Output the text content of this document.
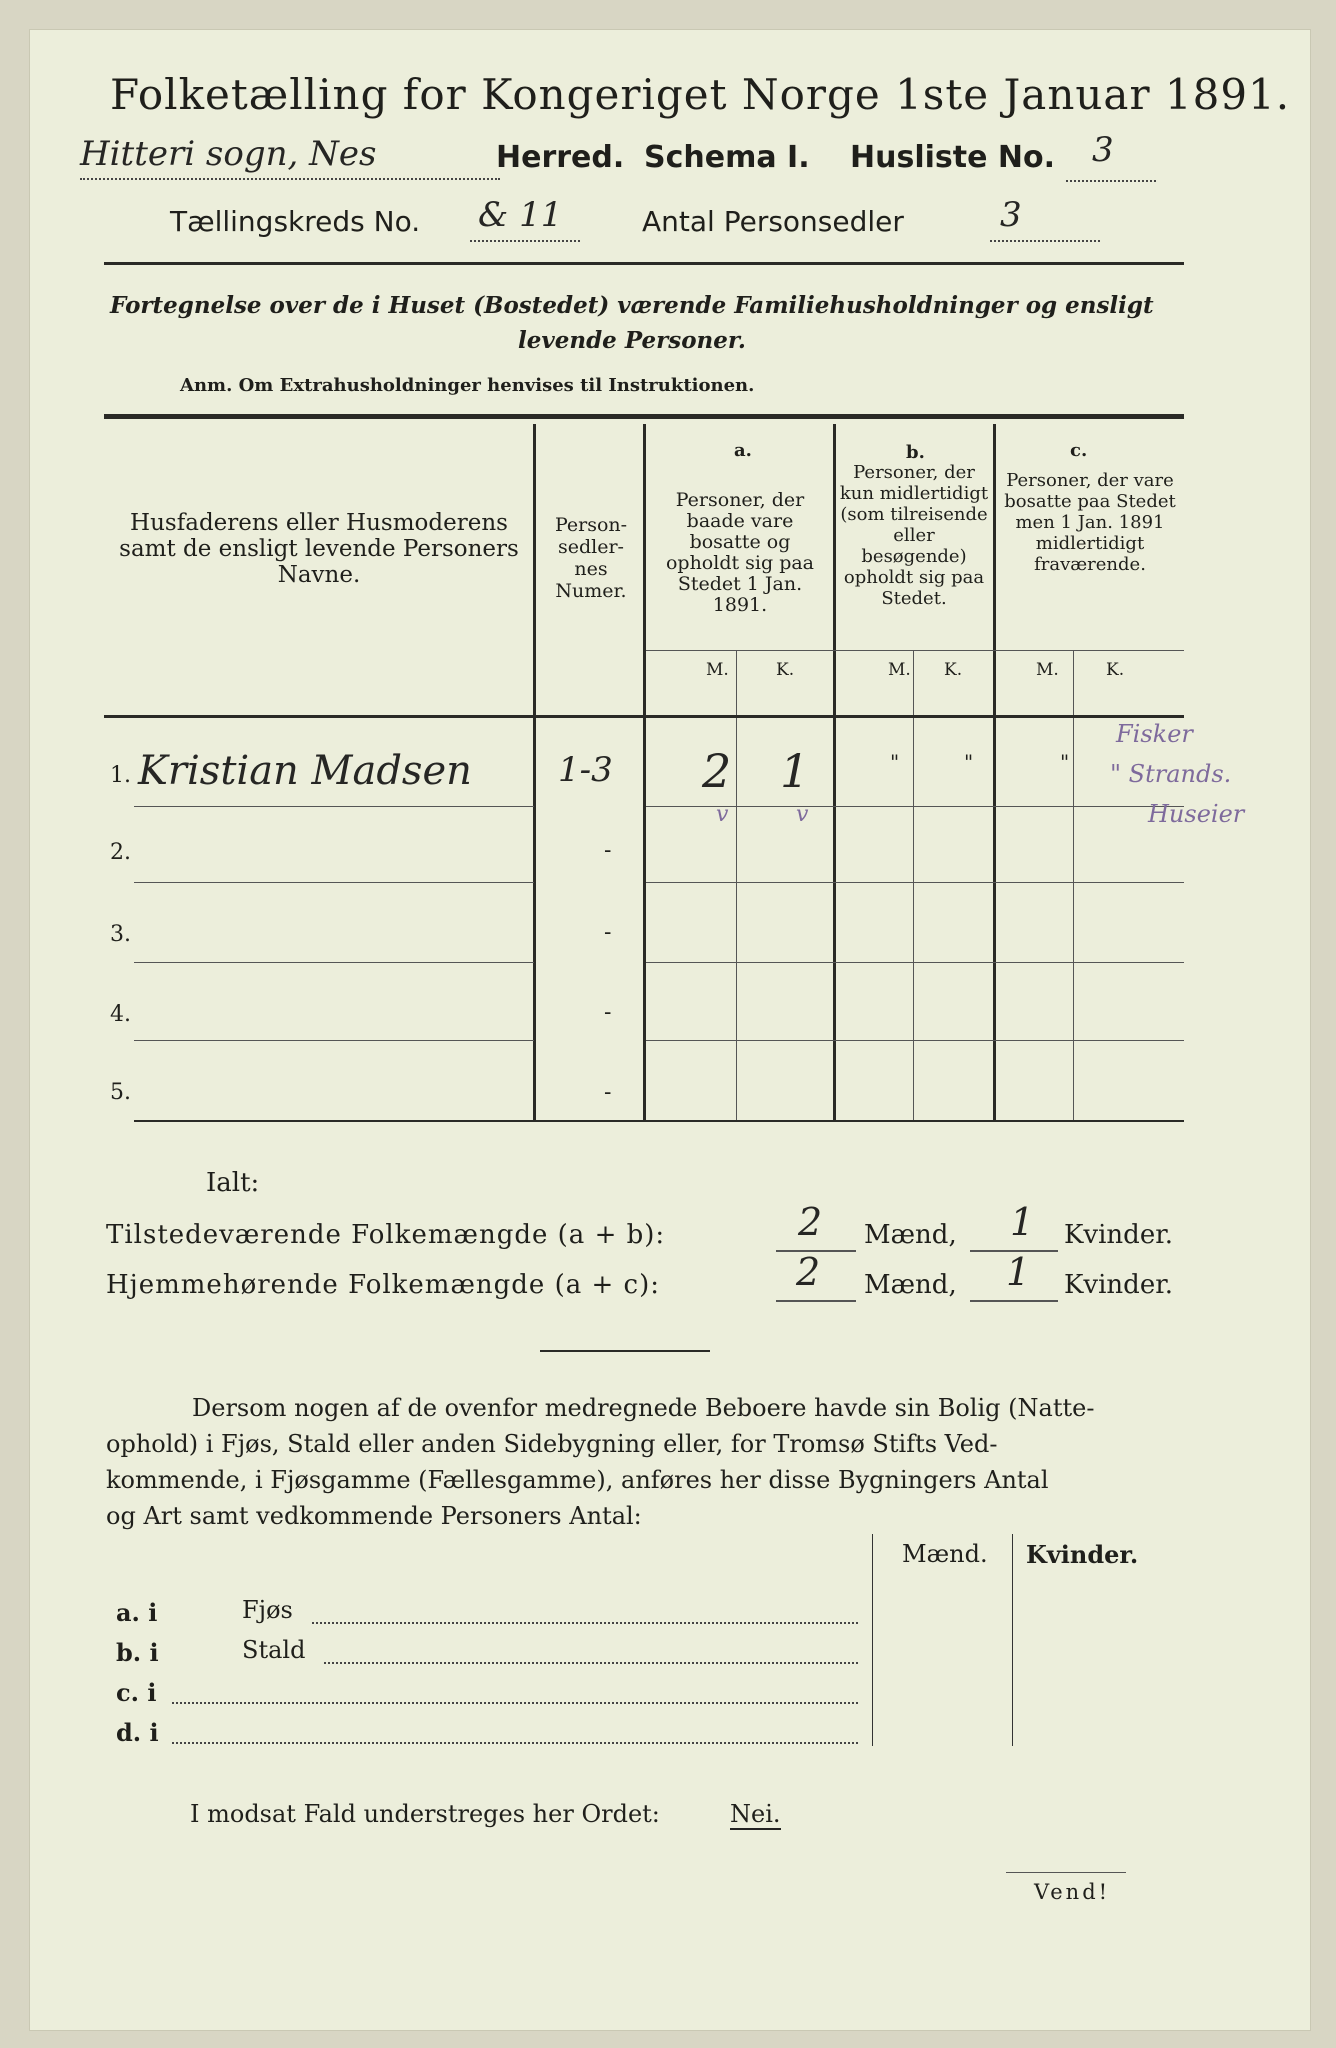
Folketælling for Kongeriget Norge 1ste Januar 1891.
Hitteri sogn, Nes	Herred. Schema I. Husliste No. 3
Tællingskreds No. & 11	Antal Personsedler	3
Fortegnelse over de i Huset (Bostedet) værende Familiehusholdninger og ensligt
levende Personer.
Anm. Om Extrahusholdninger henvises til Instruktionen.
Husfaderens eller Husmoderens samt de ensligt levende Personers Navne.
Person-sedler-nes Numer.
a.
Personer, der baade vare bosatte og opholdt sig paa Stedet 1 Jan. 1891.
b.
Personer, der kun midlertidigt (som tilreisende eller besøgende) opholdt sig paa Stedet.
c.
Personer, der vare bosatte paa Stedet men 1 Jan. 1891 midlertidigt fraværende.
M.	K.	M. K.	M.	K.
1. Kristian Madsen	1-3 2 1	"	"	"
Fisker
" Strands.
Huseier
2.	-
v	v
3.	-
4.	-
5.	-
Ialt:
Tilstedeværende Folkemængde (a + b):	2 Mænd, 1 Kvinder.
Hjemmehørende Folkemængde (a + c):	2 Mænd, 1 Kvinder.
Dersom nogen af de ovenfor medregnede Beboere havde sin Bolig (Natte-
ophold) i Fjøs, Stald eller anden Sidebygning eller, for Tromsø Stifts Ved-
kommende, i Fjøsgamme (Fællesgamme), anføres her disse Bygningers Antal
og Art samt vedkommende Personers Antal:
Mænd. Kvinder.
a. i	Fjøs
b. i	Stald
c. i
d. i
I modsat Fald understreges her Ordet:	Nei.
Vend!
